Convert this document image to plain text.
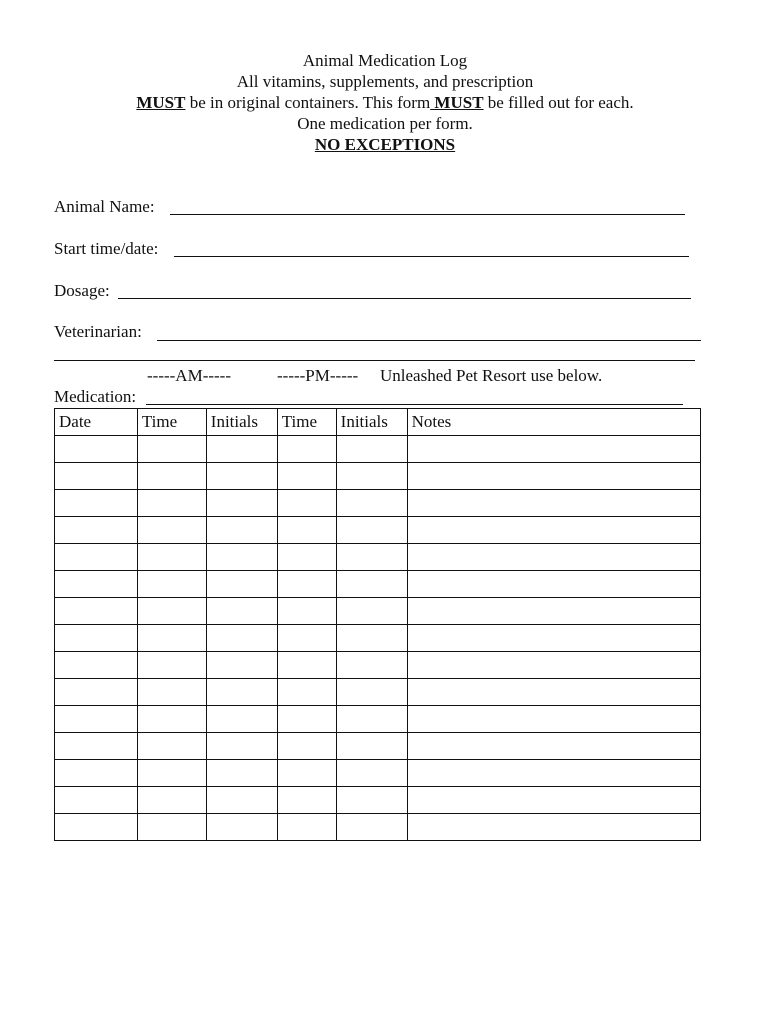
Animal Medication Log
All vitamins, supplements, and prescription
MUST be in original containers. This form MUST be filled out for each.
One medication per form.
NO EXCEPTIONS
Animal Name:
Start time/date:
Dosage:
Veterinarian:
-----AM-----	-----PM----- Unleashed Pet Resort use below.
Medication:
Date	Time	Initials	Time	Initials	Notes
